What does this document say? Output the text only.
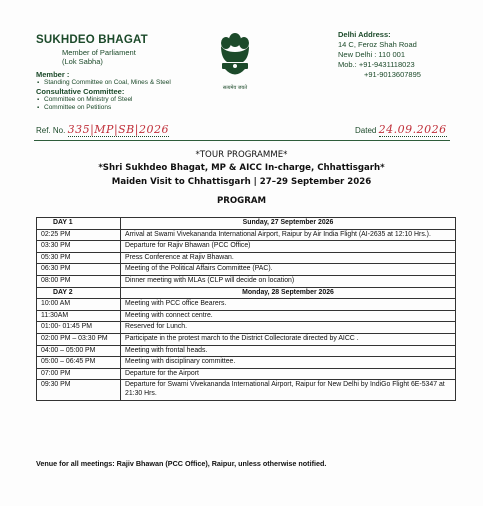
SUKHDEO BHAGAT
Member of Parliament
(Lok Sabha)
Member :
▪ Standing Committee on Coal, Mines & Steel
Consultative Committee:
▪ Committee on Ministry of Steel
▪ Committee on Petitions
सत्यमेव जयते
Delhi Address:
14 C, Feroz Shah Road
New Delhi : 110 001
Mob.: +91-9431118023
+91-9013607895
Ref. No. 335|MP|SB|2026	Dated 24.09.2026
*TOUR PROGRAMME*
*Shri Sukhdeo Bhagat, MP & AICC In-charge, Chhattisgarh*
Maiden Visit to Chhattisgarh | 27–29 September 2026
PROGRAM
DAY 1	Sunday, 27 September 2026
02:25 PM	Arrival at Swami Vivekananda International Airport, Raipur by Air India Flight (AI-2635 at 12:10 Hrs.).
03:30 PM	Departure for Rajiv Bhawan (PCC Office)
05:30 PM	Press Conference at Rajiv Bhawan.
06:30 PM	Meeting of the Political Affairs Committee (PAC).
08:00 PM	Dinner meeting with MLAs (CLP will decide on location)
DAY 2	Monday, 28 September 2026
10:00 AM	Meeting with PCC office Bearers.
11:30AM	Meeting with connect centre.
01:00- 01:45 PM	Reserved for Lunch.
02:00 PM – 03:30 PM	Participate in the protest march to the District Collectorate directed by AICC .
04:00 – 05:00 PM	Meeting with frontal heads.
05:00 – 06:45 PM	Meeting with disciplinary committee.
07:00 PM	Departure for the Airport
09:30 PM	Departure for Swami Vivekananda International Airport, Raipur for New Delhi by IndiGo Flight 6E-5347 at 21:30 Hrs.
Venue for all meetings: Rajiv Bhawan (PCC Office), Raipur, unless otherwise notified.
